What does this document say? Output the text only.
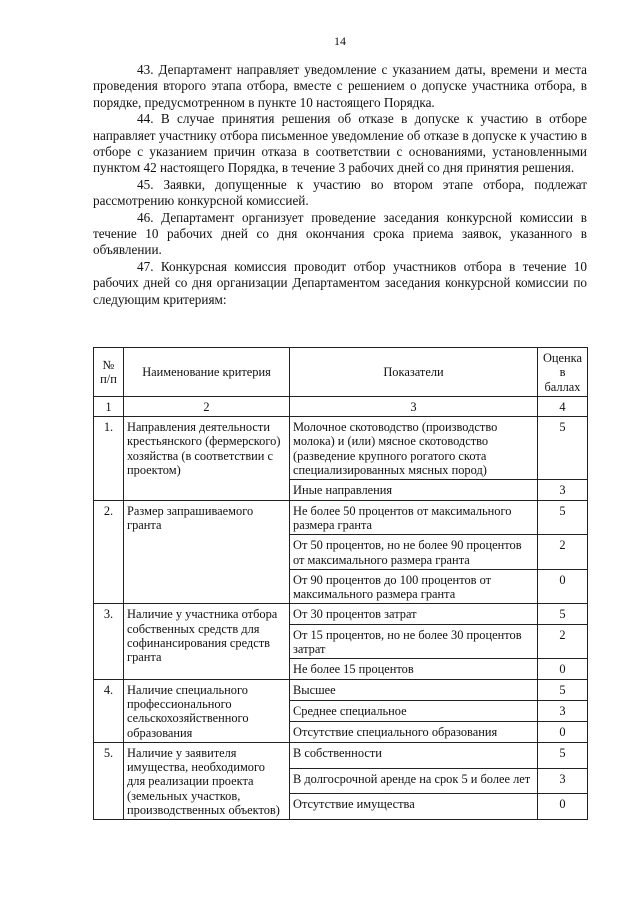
14

43. Департамент направляет уведомление с указанием даты, времени и места проведения второго этапа отбора, вместе с решением о допуске участника отбора, в порядке, предусмотренном в пункте 10 настоящего Порядка.

44. В случае принятия решения об отказе в допуске к участию в отборе направляет участнику отбора письменное уведомление об отказе в допуске к участию в отборе с указанием причин отказа в соответствии с основаниями, установленными пунктом 42 настоящего Порядка, в течение 3 рабочих дней со дня принятия решения.

45. Заявки, допущенные к участию во втором этапе отбора, подлежат рассмотрению конкурсной комиссией.

46. Департамент организует проведение заседания конкурсной комиссии в течение 10 рабочих дней со дня окончания срока приема заявок, указанного в объявлении.

47. Конкурсная комиссия проводит отбор участников отбора в течение 10 рабочих дней со дня организации Департаментом заседания конкурсной комиссии по следующим критериям:

№ п/п	Наименование критерия	Показатели	Оценка в баллах
1	2	3	4
1.	Направления деятельности крестьянского (фермерского) хозяйства (в соответствии с проектом)	Молочное скотоводство (производство молока) и (или) мясное скотоводство (разведение крупного рогатого скота специализированных мясных пород)	5
		Иные направления	3
2.	Размер запрашиваемого гранта	Не более 50 процентов от максимального размера гранта	5
		От 50 процентов, но не более 90 процентов от максимального размера гранта	2
		От 90 процентов до 100 процентов от максимального размера гранта	0
3.	Наличие у участника отбора собственных средств для софинансирования средств гранта	От 30 процентов затрат	5
		От 15 процентов, но не более 30 процентов затрат	2
		Не более 15 процентов	0
4.	Наличие специального профессионального сельскохозяйственного образования	Высшее	5
		Среднее специальное	3
		Отсутствие специального образования	0
5.	Наличие у заявителя имущества, необходимого для реализации проекта (земельных участков, производственных объектов)	В собственности	5
		В долгосрочной аренде на срок 5 и более лет	3
		Отсутствие имущества	0
